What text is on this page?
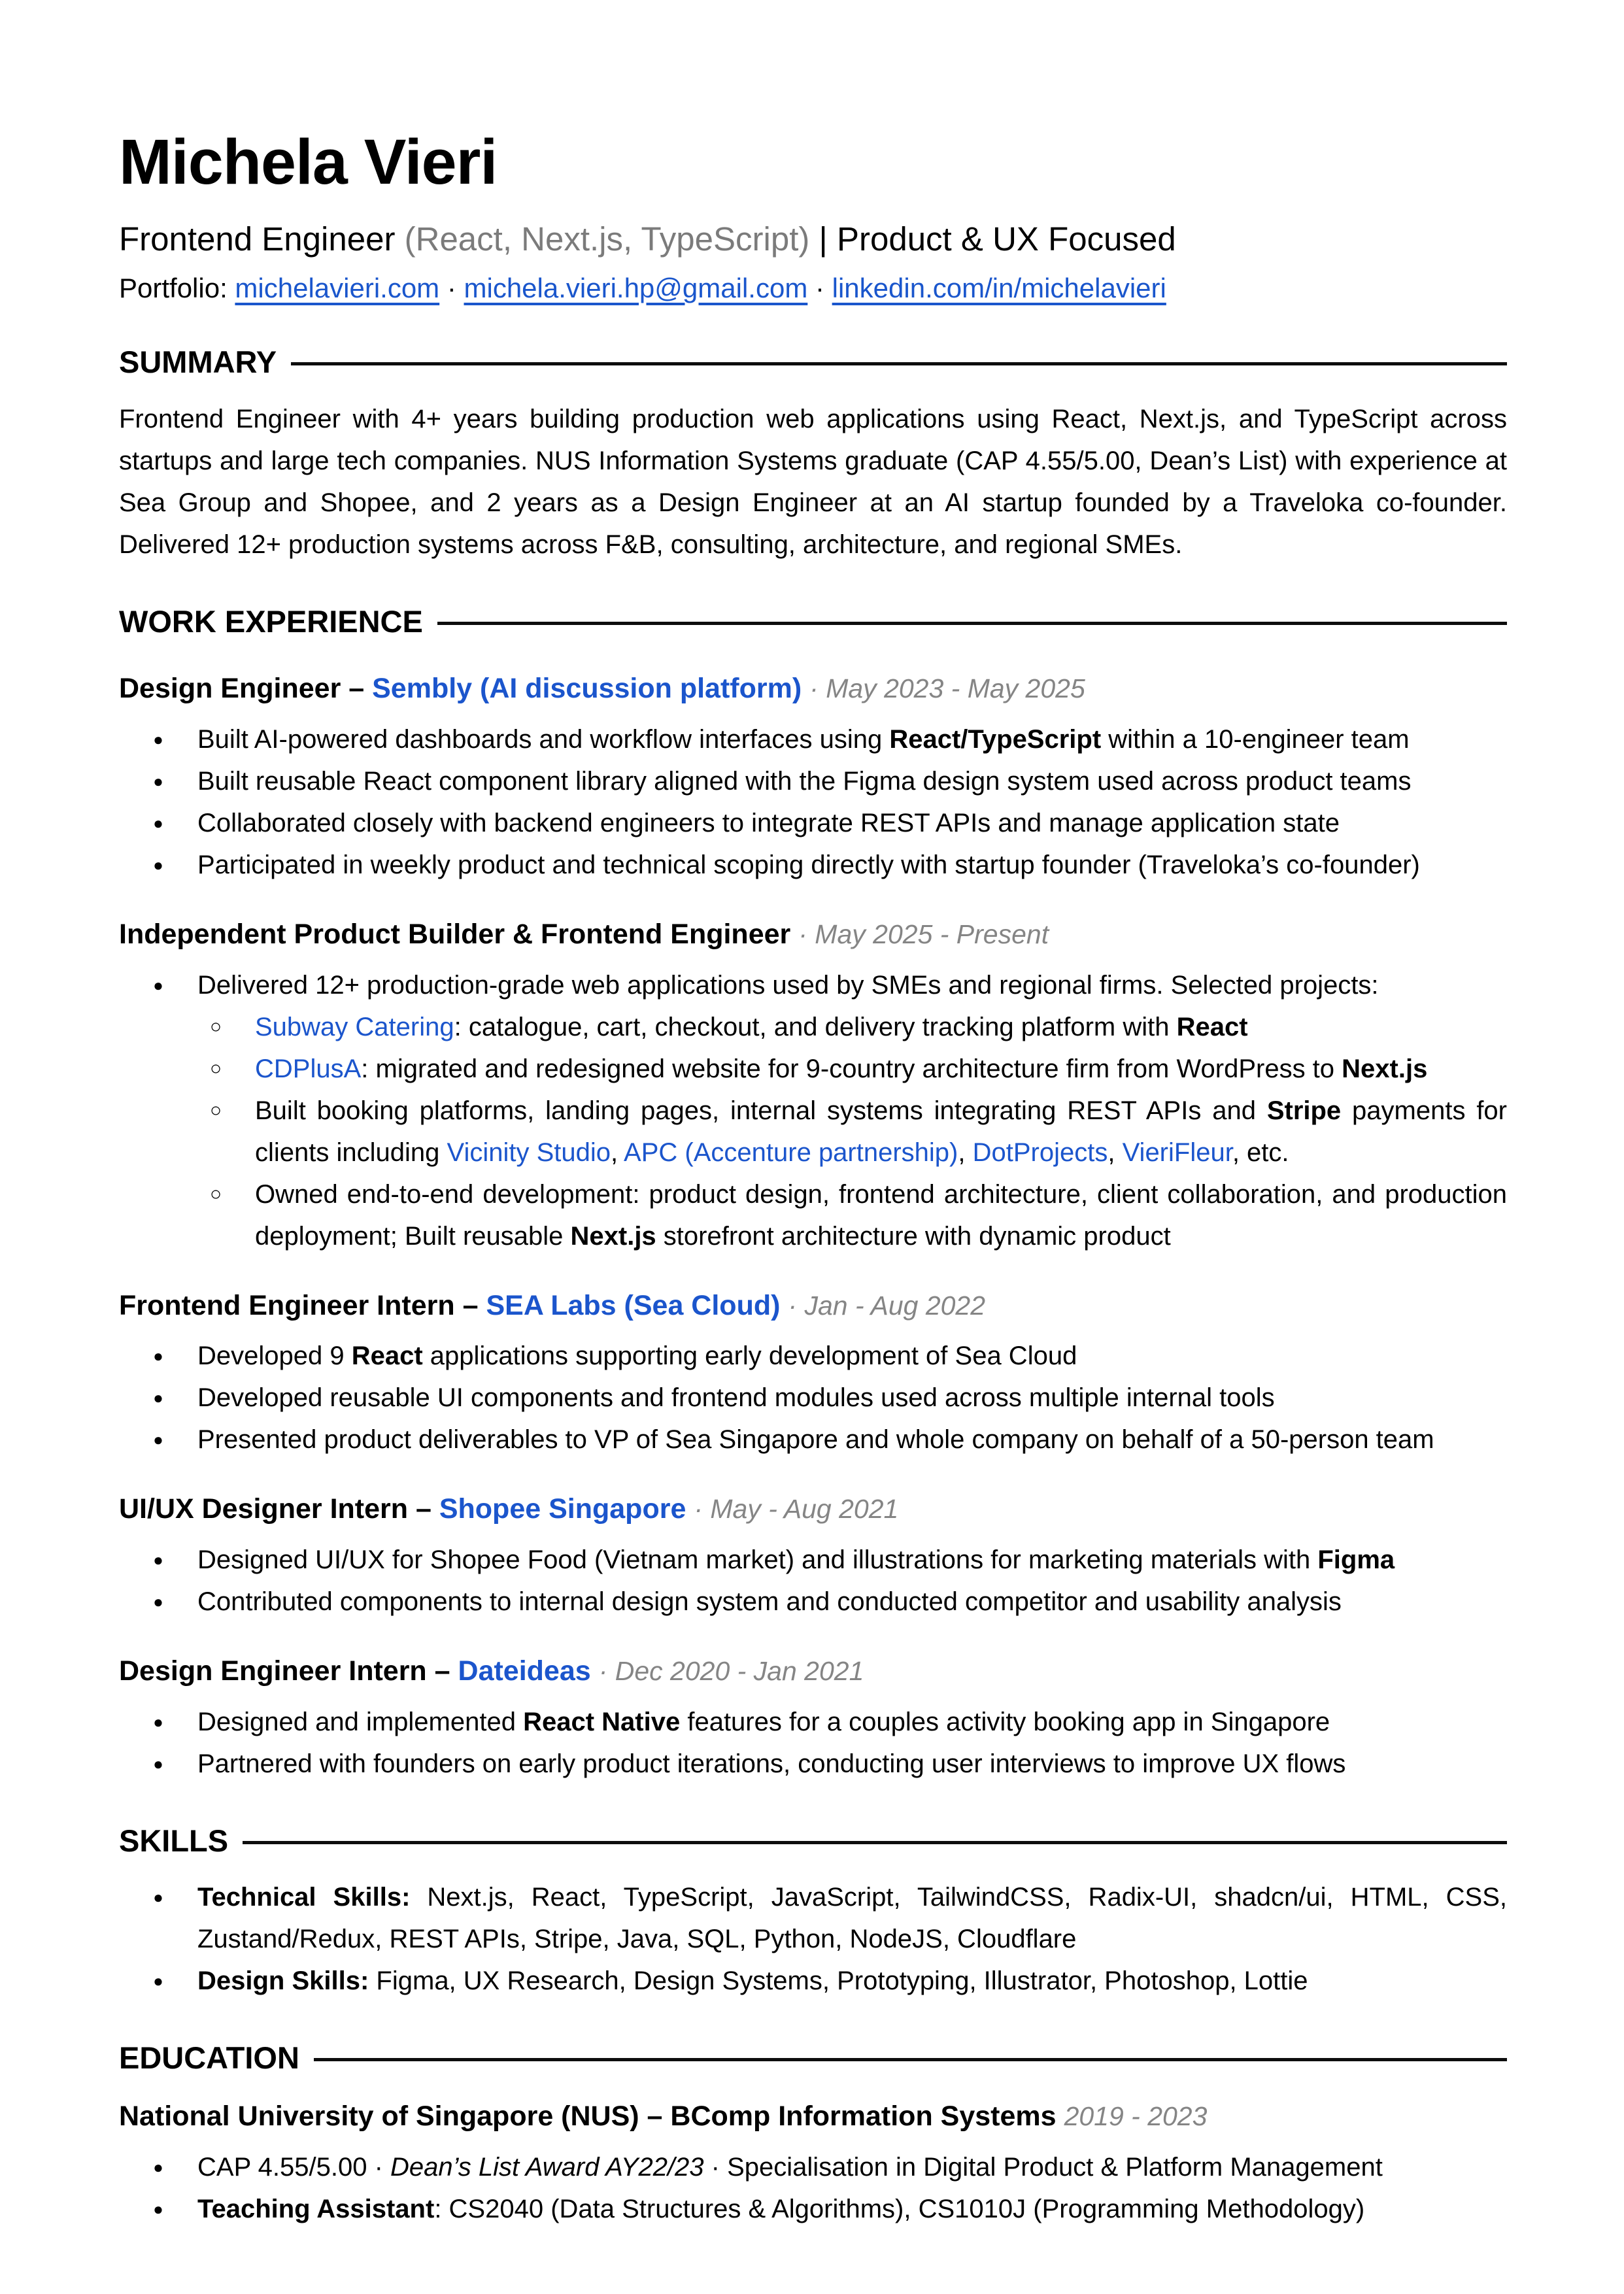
Michela Vieri
Frontend Engineer (React, Next.js, TypeScript) | Product & UX Focused
Portfolio: michelavieri.com · michela.vieri.hp@gmail.com · linkedin.com/in/michelavieri
SUMMARY

Frontend Engineer with 4+ years building production web applications using React, Next.js, and TypeScript across startups and large tech companies. NUS Information Systems graduate (CAP 4.55/5.00, Dean’s List) with experience at Sea Group and Shopee, and 2 years as a Design Engineer at an AI startup founded by a Traveloka co-founder. Delivered 12+ production systems across F&B, consulting, architecture, and regional SMEs.

WORK EXPERIENCE
Design Engineer – Sembly (AI discussion platform) · May 2023 - May 2025
●	Built AI-powered dashboards and workflow interfaces using React/TypeScript within a 10-engineer team
●	Built reusable React component library aligned with the Figma design system used across product teams
●	Collaborated closely with backend engineers to integrate REST APIs and manage application state
●	Participated in weekly product and technical scoping directly with startup founder (Traveloka’s co-founder)
Independent Product Builder & Frontend Engineer · May 2025 - Present
●	Delivered 12+ production-grade web applications used by SMEs and regional firms. Selected projects:
○	Subway Catering: catalogue, cart, checkout, and delivery tracking platform with React
○	CDPlusA: migrated and redesigned website for 9-country architecture firm from WordPress to Next.js
○	Built booking platforms, landing pages, internal systems integrating REST APIs and Stripe payments for clients including Vicinity Studio, APC (Accenture partnership), DotProjects, VieriFleur, etc.
○	Owned end-to-end development: product design, frontend architecture, client collaboration, and production deployment; Built reusable Next.js storefront architecture with dynamic product
Frontend Engineer Intern – SEA Labs (Sea Cloud) · Jan - Aug 2022
●	Developed 9 React applications supporting early development of Sea Cloud
●	Developed reusable UI components and frontend modules used across multiple internal tools
●	Presented product deliverables to VP of Sea Singapore and whole company on behalf of a 50-person team
UI/UX Designer Intern – Shopee Singapore · May - Aug 2021
●	Designed UI/UX for Shopee Food (Vietnam market) and illustrations for marketing materials with Figma
●	Contributed components to internal design system and conducted competitor and usability analysis
Design Engineer Intern – Dateideas · Dec 2020 - Jan 2021
●	Designed and implemented React Native features for a couples activity booking app in Singapore
●	Partnered with founders on early product iterations, conducting user interviews to improve UX flows
SKILLS
●	Technical Skills: Next.js, React, TypeScript, JavaScript, TailwindCSS, Radix-UI, shadcn/ui, HTML, CSS, Zustand/Redux, REST APIs, Stripe, Java, SQL, Python, NodeJS, Cloudflare
●	Design Skills: Figma, UX Research, Design Systems, Prototyping, Illustrator, Photoshop, Lottie
EDUCATION
National University of Singapore (NUS) – BComp Information Systems 2019 - 2023
●	CAP 4.55/5.00 · Dean’s List Award AY22/23 · Specialisation in Digital Product & Platform Management
●	Teaching Assistant: CS2040 (Data Structures & Algorithms), CS1010J (Programming Methodology)
